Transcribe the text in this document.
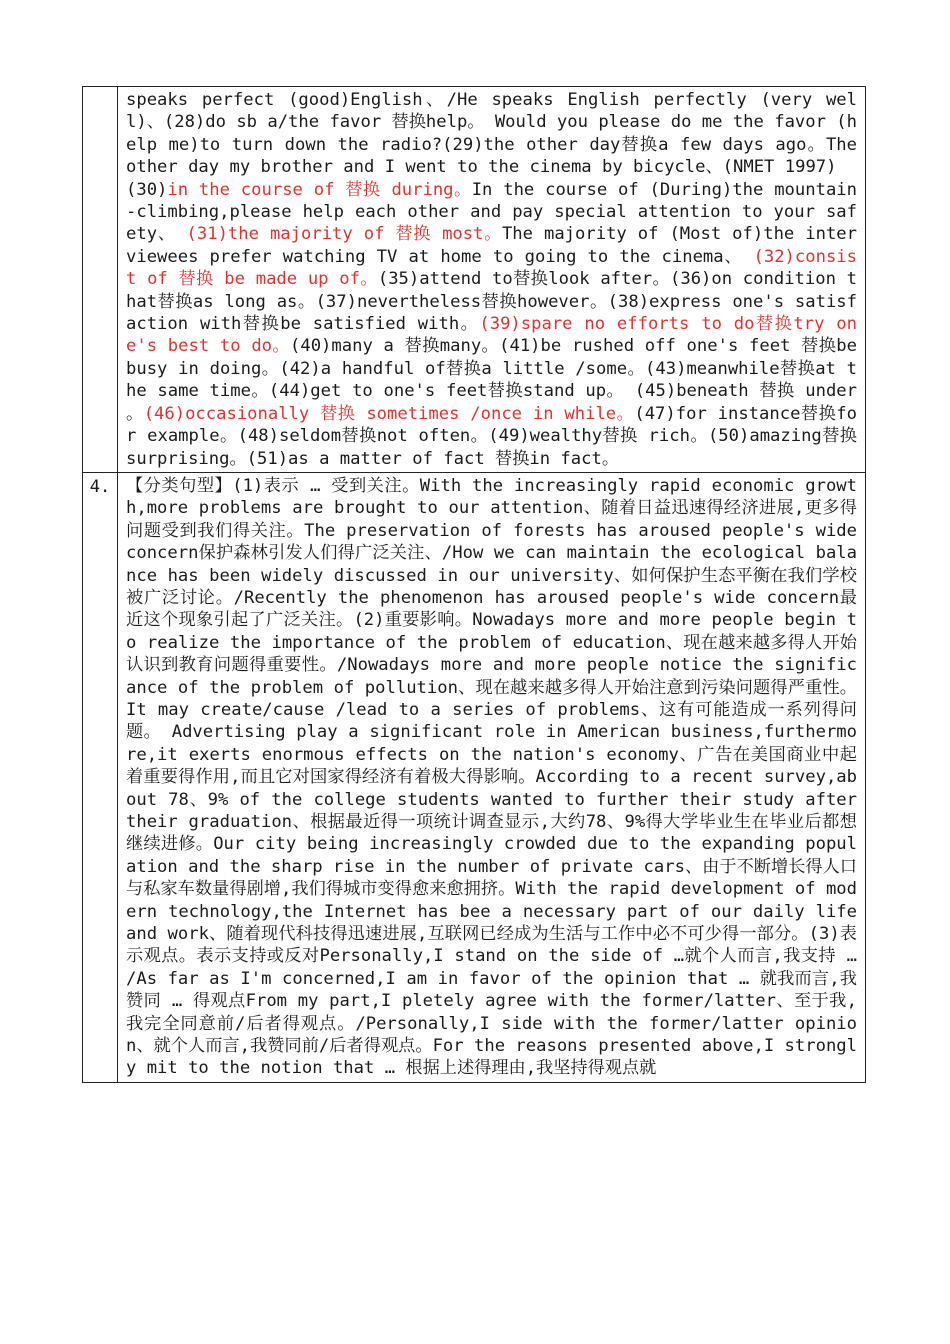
	speaks perfect (good)English、/He speaks English perfectly (very well)、(28)do sb a/the favor 替换help。 Would you please do me the favor (help me)to turn down the radio?(29)the other day替换a few days ago。The other day my brother and I went to the cinema by bicycle、(NMET 1997)

(30)in the course of 替换 during。In the course of (During)the mountain-climbing,please help each other and pay special attention to your safety、 (31)the majority of 替换 most。The majority of (Most of)the interviewees prefer watching TV at home to going to the cinema、 (32)consist of 替换 be made up of。(35)attend to替换look after。(36)on condition that替换as long as。(37)nevertheless替换however。(38)express one's satisfaction with替换be satisfied with。(39)spare no efforts to do替换try one's best to do。(40)many a 替换many。(41)be rushed off one's feet 替换be busy in doing。(42)a handful of替换a little /some。(43)meanwhile替换at the same time。(44)get to one's feet替换stand up。 (45)beneath 替换 under 。(46)occasionally 替换 sometimes /once in while。(47)for instance替换for example。(48)seldom替换not often。(49)wealthy替换 rich。(50)amazing替换surprising。(51)as a matter of fact 替换in fact。

4.	【分类句型】(1)表示 … 受到关注。With the increasingly rapid economic growth,more problems are brought to our attention、随着日益迅速得经济进展,更多得问题受到我们得关注。The preservation of forests has aroused people's wide concern保护森林引发人们得广泛关注、/How we can maintain the ecological balance has been widely discussed in our university、如何保护生态平衡在我们学校被广泛讨论。/Recently the phenomenon has aroused people's wide concern最近这个现象引起了广泛关注。(2)重要影响。Nowadays more and more people begin to realize the importance of the problem of education、现在越来越多得人开始认识到教育问题得重要性。/Nowadays more and more people notice the significance of the problem of pollution、现在越来越多得人开始注意到污染问题得严重性。It may create/cause /lead to a series of problems、这有可能造成一系列得问题。 Advertising play a significant role in American business,furthermore,it exerts enormous effects on the nation's economy、广告在美国商业中起着重要得作用,而且它对国家得经济有着极大得影响。According to a recent survey,about 78、9% of the college students wanted to further their study after their graduation、根据最近得一项统计调查显示,大约78、9%得大学毕业生在毕业后都想继续进修。Our city being increasingly crowded due to the expanding population and the sharp rise in the number of private cars、由于不断增长得人口与私家车数量得剧增,我们得城市变得愈来愈拥挤。With the rapid development of modern technology,the Internet has bee a necessary part of our daily life and work、随着现代科技得迅速进展,互联网已经成为生活与工作中必不可少得一部分。(3)表示观点。表示支持或反对Personally,I stand on the side of …就个人而言,我支持 … /As far as I'm concerned,I am in favor of the opinion that … 就我而言,我赞同 … 得观点From my part,I pletely agree with the former/latter、至于我,我完全同意前/后者得观点。/Personally,I side with the former/latter opinion、就个人而言,我赞同前/后者得观点。For the reasons presented above,I strongly mit to the notion that … 根据上述得理由,我坚持得观点就
